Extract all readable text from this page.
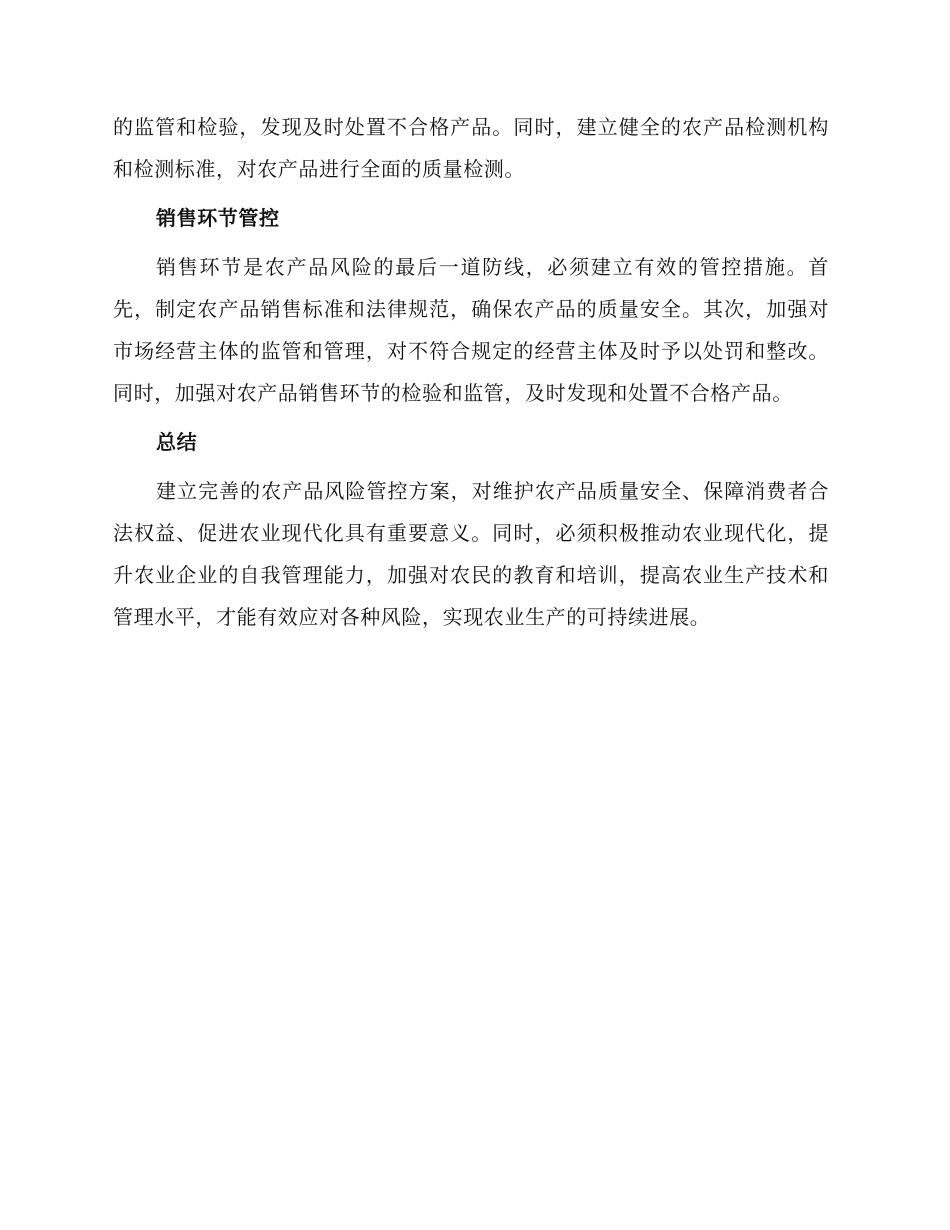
的监管和检验，发现及时处置不合格产品。同时，建立健全的农产品检测机构和检测标准，对农产品进行全面的质量检测。

销售环节管控

销售环节是农产品风险的最后一道防线，必须建立有效的管控措施。首先，制定农产品销售标准和法律规范，确保农产品的质量安全。其次，加强对市场经营主体的监管和管理，对不符合规定的经营主体及时予以处罚和整改。同时，加强对农产品销售环节的检验和监管，及时发现和处置不合格产品。

总结

建立完善的农产品风险管控方案，对维护农产品质量安全、保障消费者合法权益、促进农业现代化具有重要意义。同时，必须积极推动农业现代化，提升农业企业的自我管理能力，加强对农民的教育和培训，提高农业生产技术和管理水平，才能有效应对各种风险，实现农业生产的可持续进展。
